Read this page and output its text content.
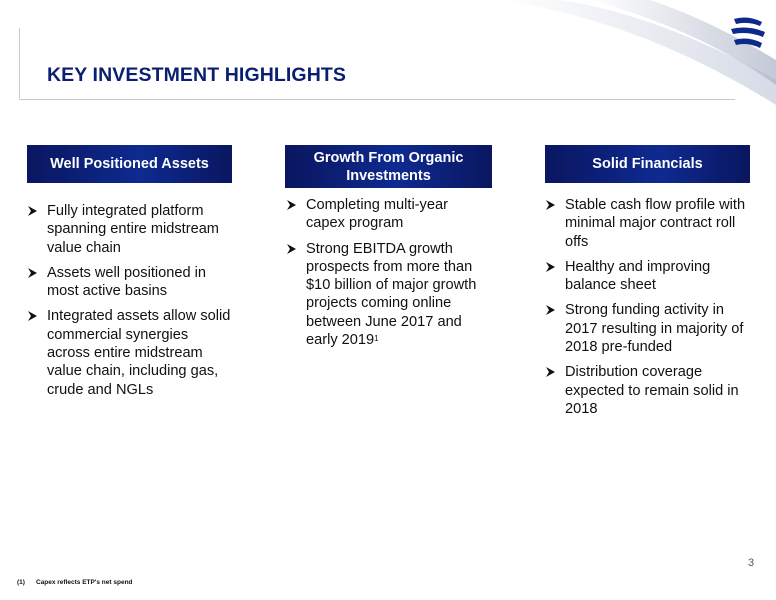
KEY INVESTMENT HIGHLIGHTS
Well Positioned Assets
Fully integrated platform spanning entire midstream value chain
Assets well positioned in most active basins
Integrated assets allow solid commercial synergies across entire midstream value chain, including gas, crude and NGLs
Growth From Organic Investments
Completing multi-year capex program
Strong EBITDA growth prospects from more than $10 billion of major growth projects coming online between June 2017 and early 2019$^1$
Solid Financials
Stable cash flow profile with minimal major contract roll offs
Healthy and improving balance sheet
Strong funding activity in 2017 resulting in majority of 2018 pre-funded
Distribution coverage expected to remain solid in 2018
3
(1) Capex reflects ETP's net spend
